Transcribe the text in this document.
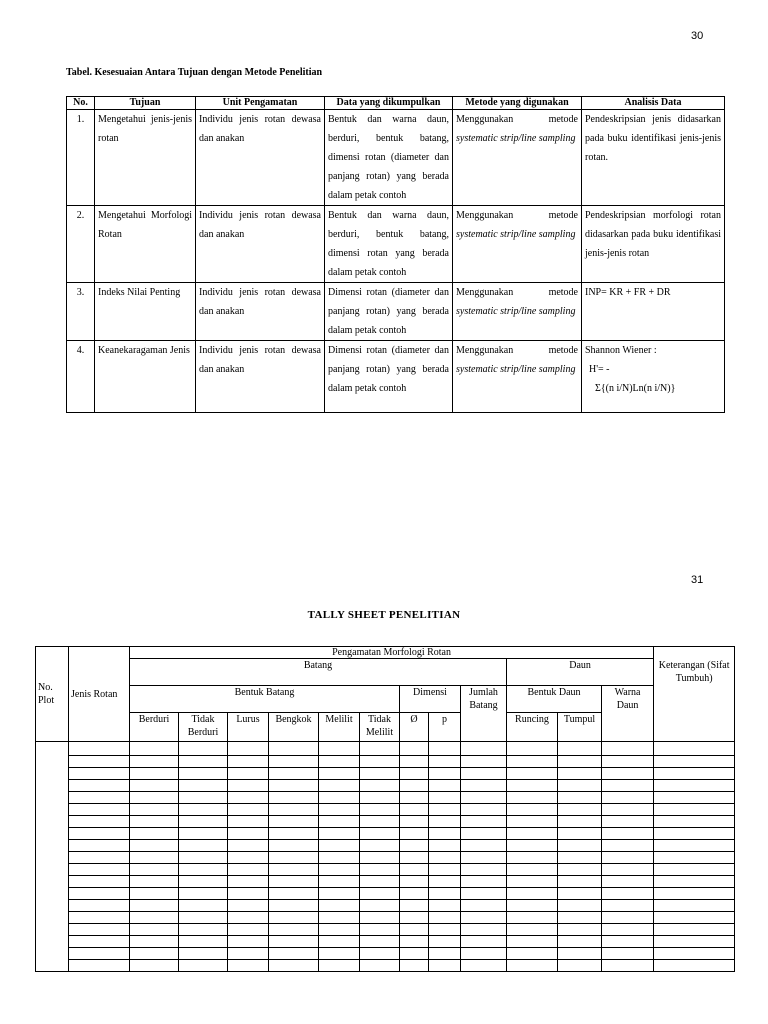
30
Tabel. Kesesuaian Antara Tujuan dengan Metode Penelitian
No.	Tujuan	Unit Pengamatan	Data yang dikumpulkan	Metode yang digunakan	Analisis Data
1.	Mengetahui jenis-jenis rotan	Individu jenis rotan dewasa dan anakan	Bentuk dan warna daun, berduri, bentuk batang, dimensi rotan (diameter dan panjang rotan) yang berada dalam petak contoh	Menggunakan metode systematic strip/line sampling	Pendeskripsian jenis didasarkan pada buku identifikasi jenis-jenis rotan.
2.	Mengetahui Morfologi Rotan	Individu jenis rotan dewasa dan anakan	Bentuk dan warna daun, berduri, bentuk batang, dimensi rotan yang berada dalam petak contoh	Menggunakan metode systematic strip/line sampling	Pendeskripsian morfologi rotan didasarkan pada buku identifikasi jenis-jenis rotan
3.	Indeks Nilai Penting	Individu jenis rotan dewasa dan anakan	Dimensi rotan (diameter dan panjang rotan) yang berada dalam petak contoh	Menggunakan metode systematic strip/line sampling	INP= KR + FR + DR
4.	Keanekaragaman Jenis	Individu jenis rotan dewasa dan anakan	Dimensi rotan (diameter dan panjang rotan) yang berada dalam petak contoh	Menggunakan metode systematic strip/line sampling	Shannon Wiener :
H'= -
Σ{(n i/N)Ln(n i/N)}
31
TALLY SHEET PENELITIAN
No. Plot	Jenis Rotan	Pengamatan Morfologi Rotan												
		Batang									Daun			Keterangan (Sifat Tumbuh)
		Bentuk Batang						Dimensi		Jumlah Batang	Bentuk Daun		Warna Daun	
		Berduri	Tidak Berduri	Lurus	Bengkok	Melilit	Tidak Melilit	Ø	p		Runcing	Tumpul		
